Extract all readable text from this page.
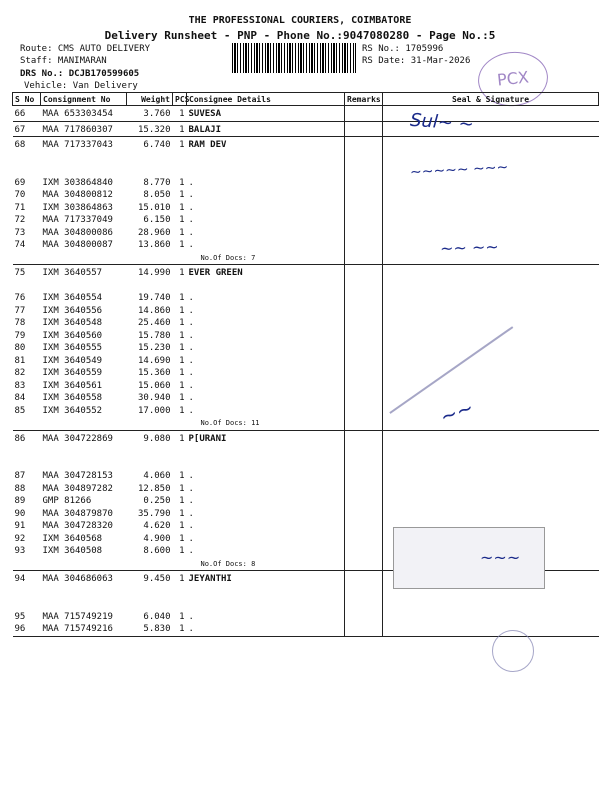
THE PROFESSIONAL COURIERS, COIMBATORE
Delivery Runsheet - PNP - Phone No.:9047080280 - Page No.:5
Route: CMS AUTO DELIVERY
Staff: MANIMARAN
DRS No.: DCJB170599605
Vehicle: Van Delivery
RS No.: 1705996
RS Date: 31-Mar-2026
PCX
S No	Consignment No	Weight	PCS	Consignee Details	Remarks	Seal & Signature
66	MAA 653303454	3.760	1	SUVESA		
67	MAA 717860307	15.320	1	BALAJI		
68	MAA 717337043	6.740	1	RAM DEV		

69	IXM 303864840	8.770	1	.		
70	MAA 304800812	8.050	1	.		
71	IXM 303864863	15.010	1	.		
72	MAA 717337049	6.150	1	.		
73	MAA 304800086	28.960	1	.		
74	MAA 304800087	13.860	1	.		
				No.Of Docs: 7		
75	IXM 3640557	14.990	1	EVER GREEN		

76	IXM 3640554	19.740	1	.		
77	IXM 3640556	14.860	1	.		
78	IXM 3640548	25.460	1	.		
79	IXM 3640560	15.780	1	.		
80	IXM 3640555	15.230	1	.		
81	IXM 3640549	14.690	1	.		
82	IXM 3640559	15.360	1	.		
83	IXM 3640561	15.060	1	.		
84	IXM 3640558	30.940	1	.		
85	IXM 3640552	17.000	1	.		
				No.Of Docs: 11		
86	MAA 304722869	9.080	1	P[URANI		

87	MAA 304728153	4.060	1	.		
88	MAA 304897282	12.850	1	.		
89	GMP 81266	0.250	1	.		
90	MAA 304879870	35.790	1	.		
91	MAA 304728320	4.620	1	.		
92	IXM 3640568	4.900	1	.		
93	IXM 3640508	8.600	1	.		
				No.Of Docs: 8		
94	MAA 304686063	9.450	1	JEYANTHI		

95	MAA 715749219	6.040	1	.		
96	MAA 715749216	5.830	1	.		
Sul~ ~
~~~~~ ~~~
~~ ~~
~~
~~~
